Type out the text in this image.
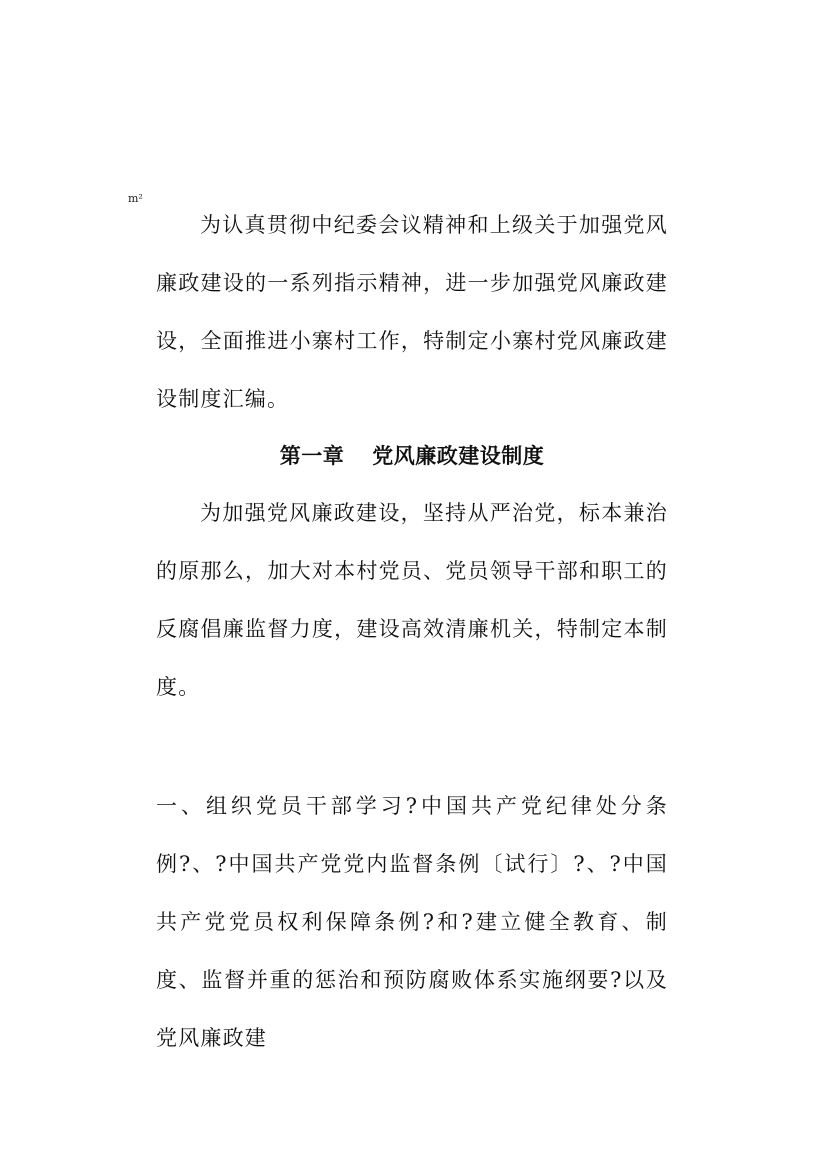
m²

为认真贯彻中纪委会议精神和上级关于加强党风廉政建设的一系列指示精神，进一步加强党风廉政建设，全面推进小寨村工作，特制定小寨村党风廉政建设制度汇编。

第一章 党风廉政建设制度

为加强党风廉政建设，坚持从严治党，标本兼治的原那么，加大对本村党员、党员领导干部和职工的反腐倡廉监督力度，建设高效清廉机关，特制定本制度。

一、组织党员干部学习?中国共产党纪律处分条例?、?中国共产党党内监督条例〔试行〕?、?中国共产党党员权利保障条例?和?建立健全教育、制度、监督并重的惩治和预防腐败体系实施纲要?以及党风廉政建
